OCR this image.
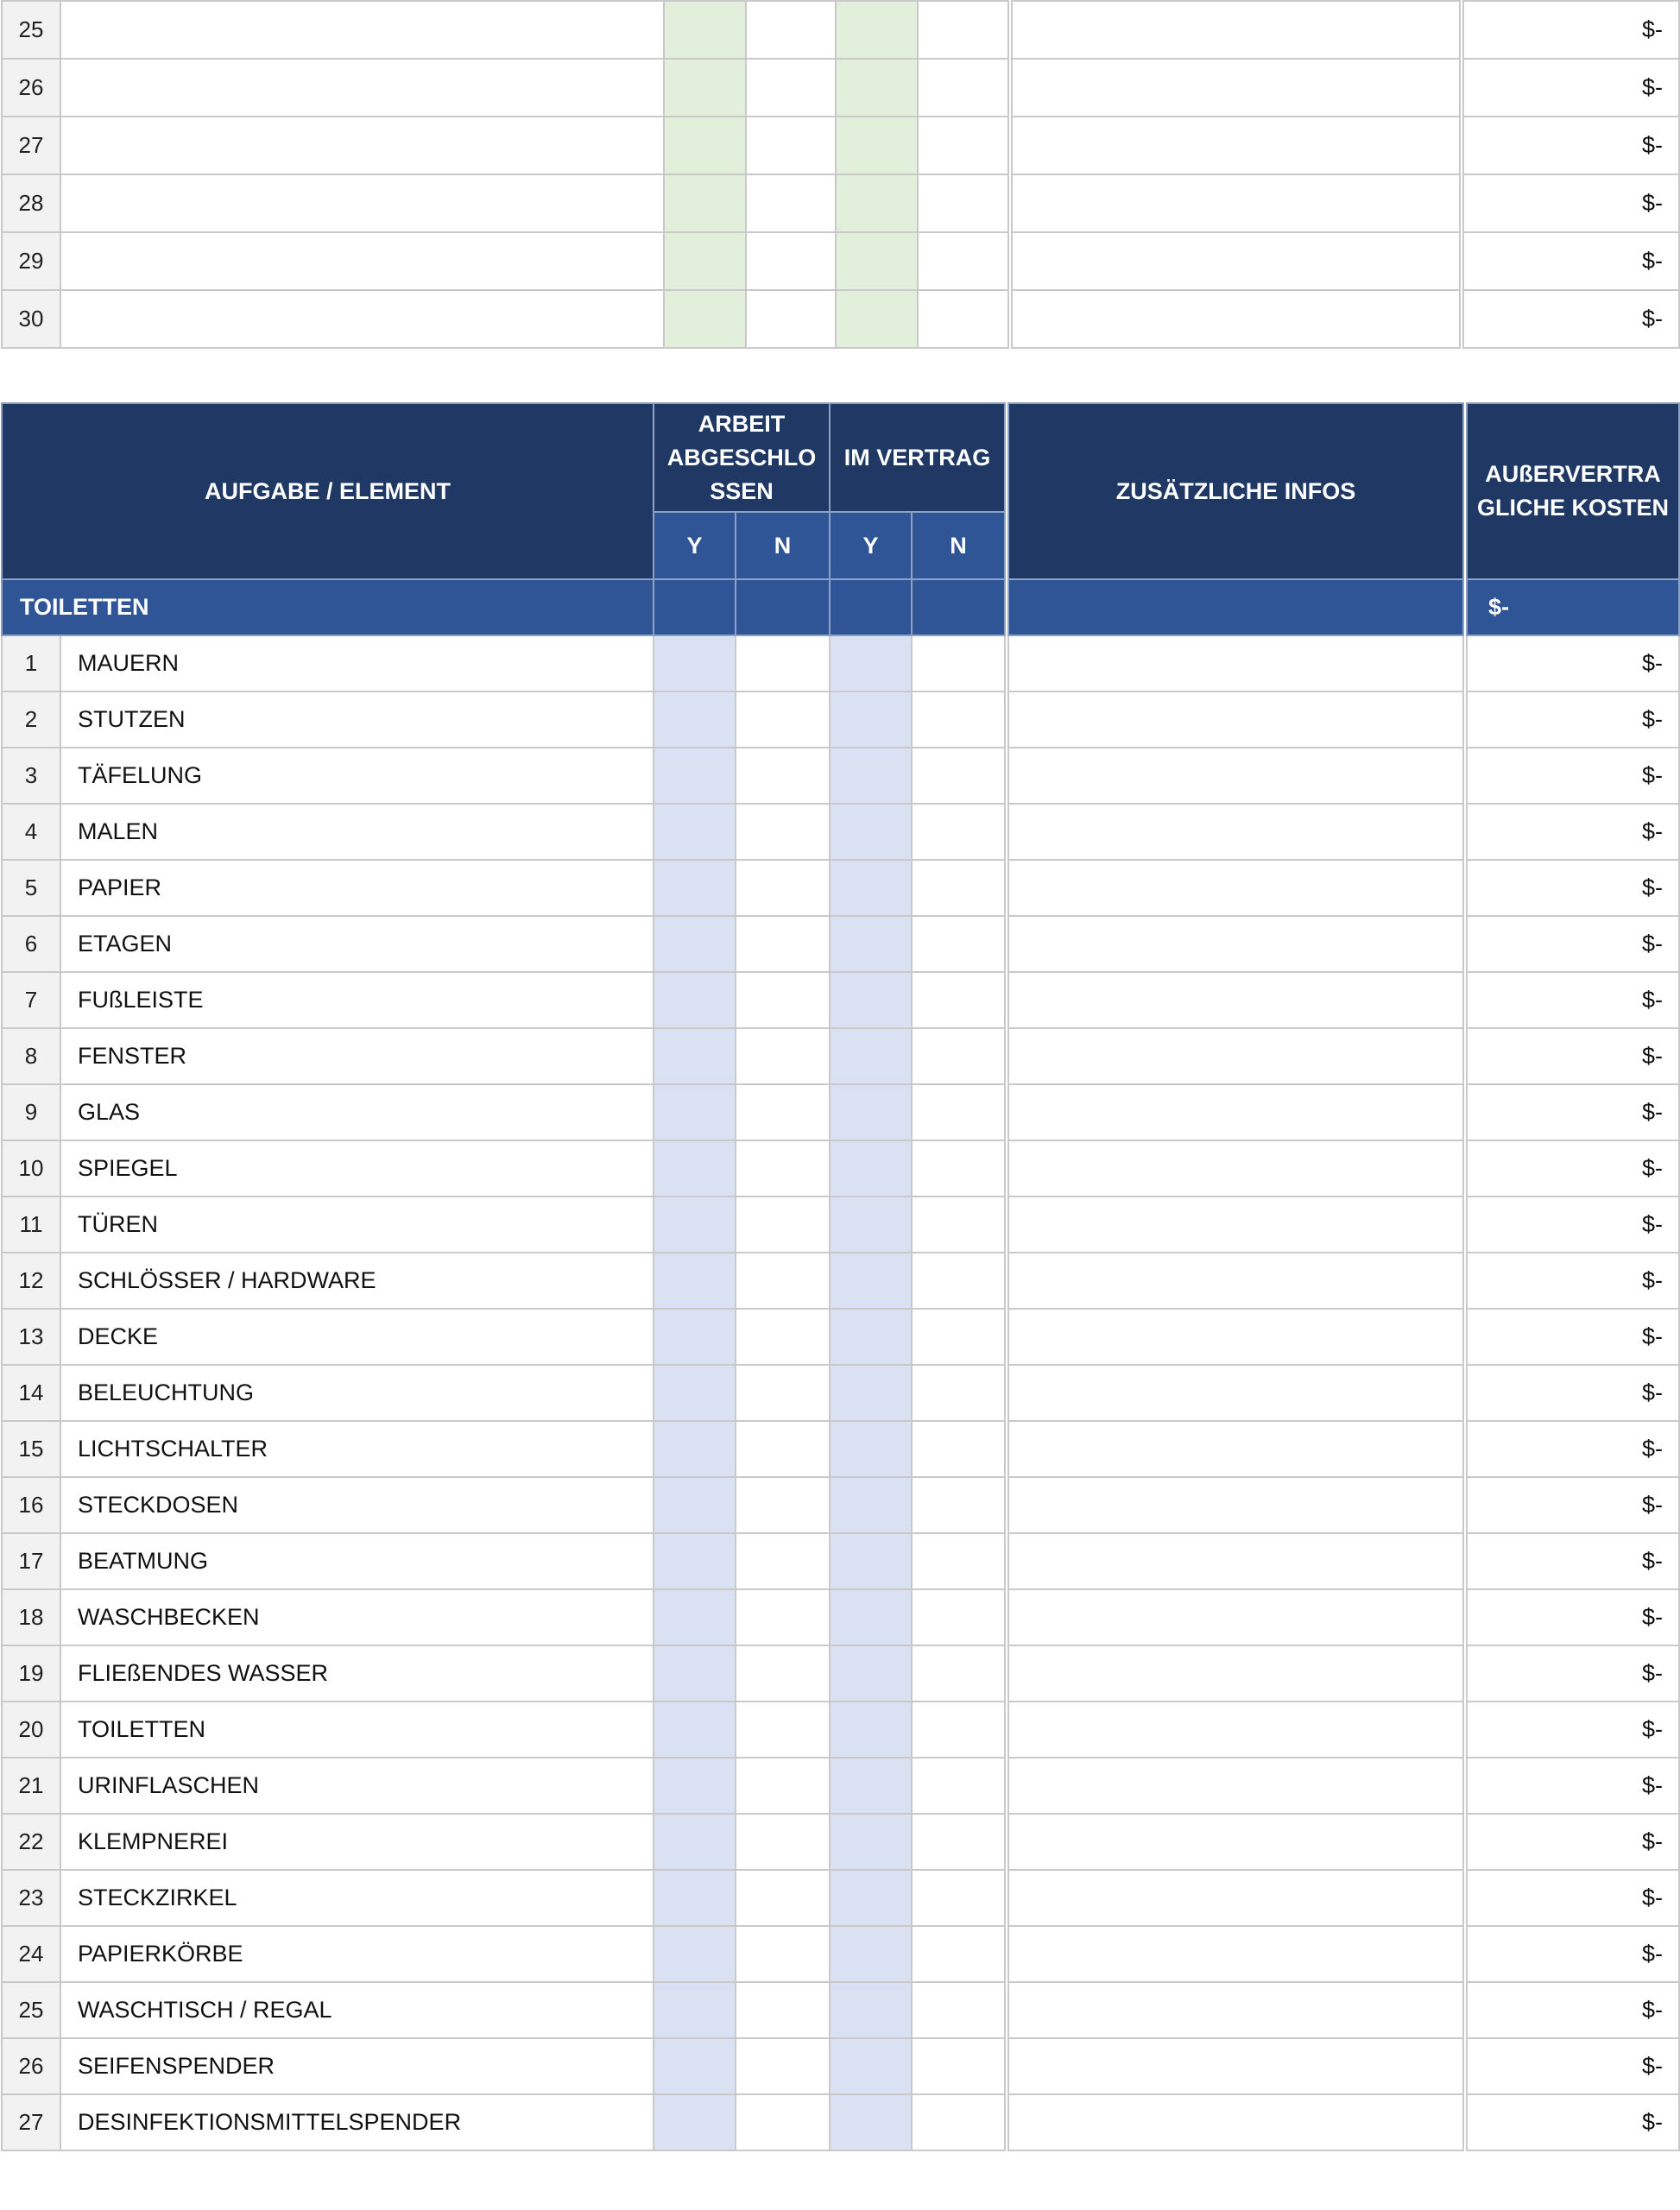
25							$-
26							$-
27							$-
28							$-
29							$-
30							$-
AUFGABE / ELEMENT		ARBEIT ABGESCHLO SSEN		IM VERTRAG		ZUSÄTZLICHE INFOS	AUßERVERTRA GLICHE KOSTEN
		Y	N	Y	N		
TOILETTEN							$-
1	MAUERN						$-
2	STUTZEN						$-
3	TÄFELUNG						$-
4	MALEN						$-
5	PAPIER						$-
6	ETAGEN						$-
7	FUßLEISTE						$-
8	FENSTER						$-
9	GLAS						$-
10	SPIEGEL						$-
11	TÜREN						$-
12	SCHLÖSSER / HARDWARE						$-
13	DECKE						$-
14	BELEUCHTUNG						$-
15	LICHTSCHALTER						$-
16	STECKDOSEN						$-
17	BEATMUNG						$-
18	WASCHBECKEN						$-
19	FLIEßENDES WASSER						$-
20	TOILETTEN						$-
21	URINFLASCHEN						$-
22	KLEMPNEREI						$-
23	STECKZIRKEL						$-
24	PAPIERKÖRBE						$-
25	WASCHTISCH / REGAL						$-
26	SEIFENSPENDER						$-
27	DESINFEKTIONSMITTELSPENDER						$-
